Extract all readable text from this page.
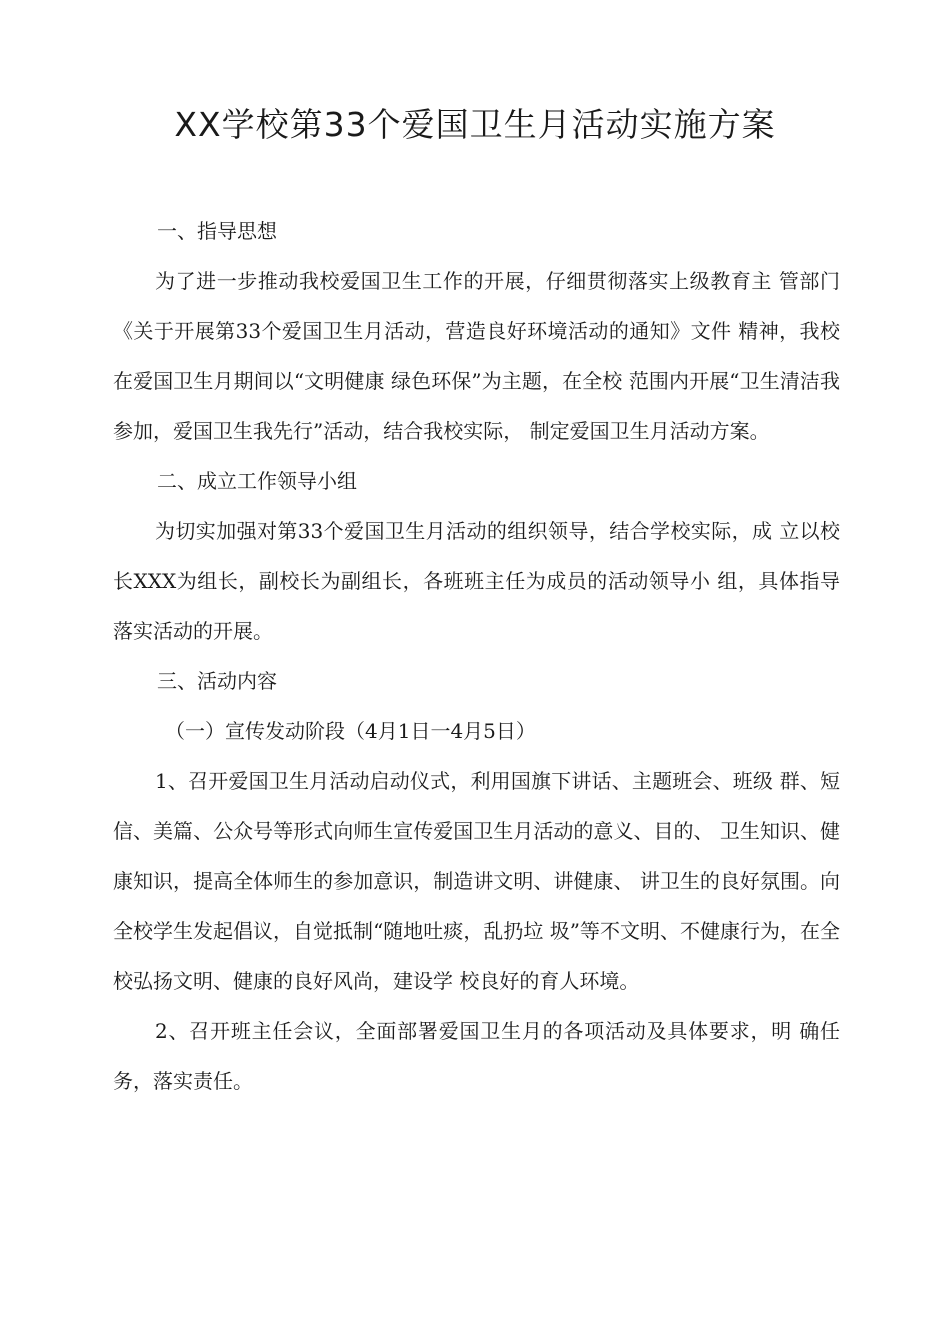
XX学校第33个爱国卫生月活动实施方案

一、指导思想

为了进一步推动我校爱国卫生工作的开展，仔细贯彻落实上级教育主 管部门《关于开展第33个爱国卫生月活动，营造良好环境活动的通知》文件 精神，我校在爱国卫生月期间以“文明健康 绿色环保”为主题，在全校 范围内开展“卫生清洁我参加，爱国卫生我先行”活动，结合我校实际， 制定爱国卫生月活动方案。

二、成立工作领导小组

为切实加强对第33个爱国卫生月活动的组织领导，结合学校实际，成 立以校长XXX为组长，副校长为副组长，各班班主任为成员的活动领导小 组，具体指导落实活动的开展。

三、活动内容

（一）宣传发动阶段（4月1日一4月5日）

1、召开爱国卫生月活动启动仪式，利用国旗下讲话、主题班会、班级 群、短信、美篇、公众号等形式向师生宣传爱国卫生月活动的意义、目的、 卫生知识、健康知识，提高全体师生的参加意识，制造讲文明、讲健康、 讲卫生的良好氛围。向全校学生发起倡议，自觉抵制“随地吐痰，乱扔垃 圾”等不文明、不健康行为，在全校弘扬文明、健康的良好风尚，建设学 校良好的育人环境。

2、召开班主任会议，全面部署爱国卫生月的各项活动及具体要求，明 确任务，落实责任。
